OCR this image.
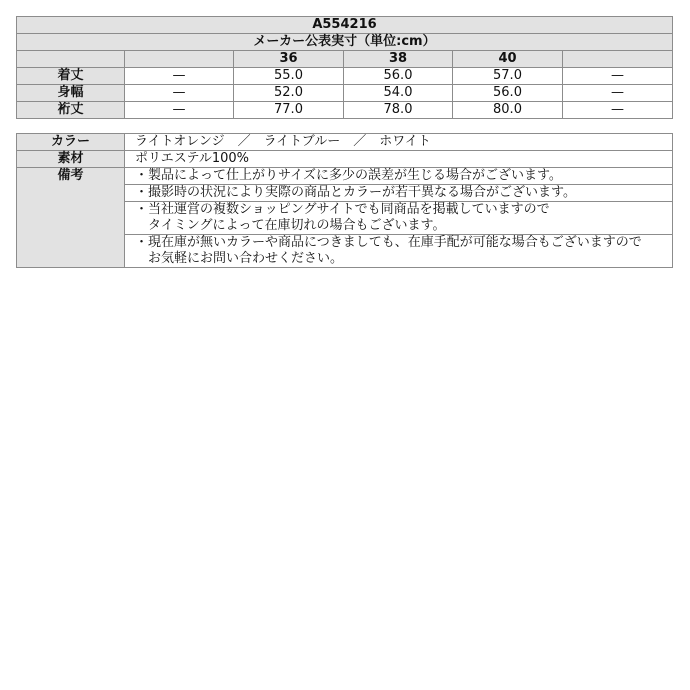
A554216					
メーカー公表実寸（単位:cm）					
		36	38	40	
着丈	—	55.0	56.0	57.0	—
身幅	—	52.0	54.0	56.0	—
裄丈	—	77.0	78.0	80.0	—
カラー	ライトオレンジ　／　ライトブルー　／　ホワイト
素材	ポリエステル100%
備考	・製品によって仕上がりサイズに多少の誤差が生じる場合がございます。

	・撮影時の状況により実際の商品とカラーが若干異なる場合がございます。

	・当社運営の複数ショッピングサイトでも同商品を掲載していますので
　タイミングによって在庫切れの場合もございます。

	・現在庫が無いカラーや商品につきましても、在庫手配が可能な場合もございますので
　お気軽にお問い合わせください。
